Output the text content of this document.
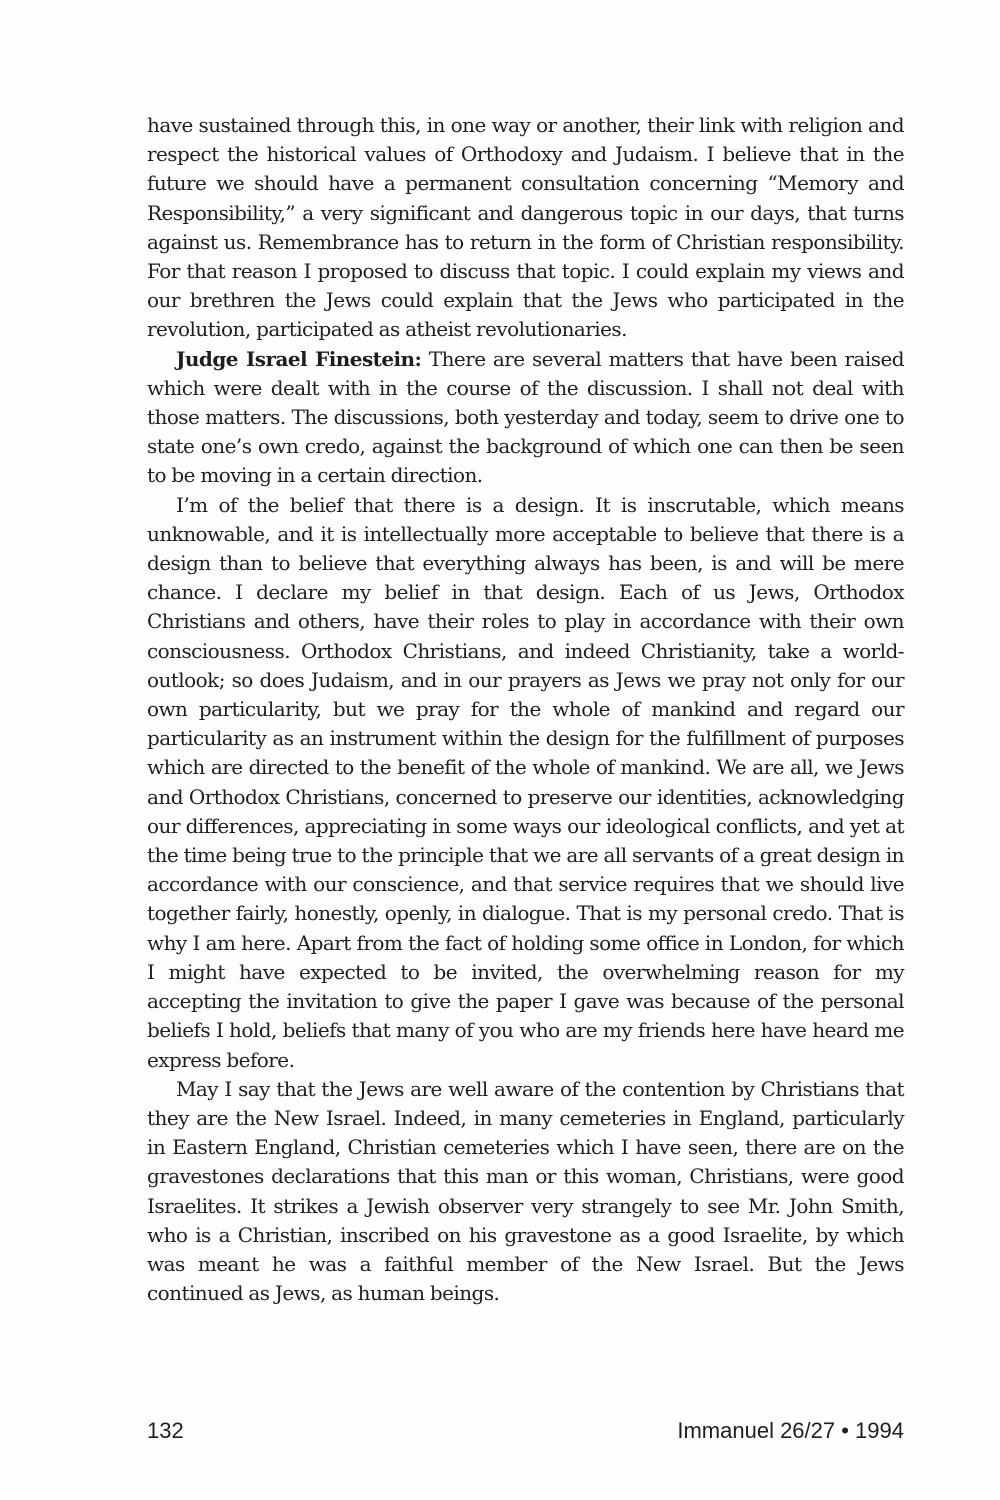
have sustained through this, in one way or another, their link with religion and respect the historical values of Orthodoxy and Judaism. I believe that in the future we should have a permanent consultation concerning “Memory and Responsibility,” a very significant and dangerous topic in our days, that turns against us. Remembrance has to return in the form of Christian responsibility. For that reason I proposed to discuss that topic. I could explain my views and our brethren the Jews could explain that the Jews who participated in the revolution, participated as atheist revolutionaries.

Judge Israel Finestein: There are several matters that have been raised which were dealt with in the course of the discussion. I shall not deal with those matters. The discussions, both yesterday and today, seem to drive one to state one’s own credo, against the background of which one can then be seen to be moving in a certain direction.

I’m of the belief that there is a design. It is inscrutable, which means unknowable, and it is intellectually more acceptable to believe that there is a design than to believe that everything always has been, is and will be mere chance. I declare my belief in that design. Each of us Jews, Orthodox Christians and others, have their roles to play in accordance with their own consciousness. Orthodox Christians, and indeed Christianity, take a world-outlook; so does Judaism, and in our prayers as Jews we pray not only for our own particularity, but we pray for the whole of mankind and regard our particularity as an instrument within the design for the fulfillment of purposes which are directed to the benefit of the whole of mankind. We are all, we Jews and Orthodox Christians, concerned to preserve our identities, acknowledging our differences, appreciating in some ways our ideological conflicts, and yet at the time being true to the principle that we are all servants of a great design in accordance with our conscience, and that service requires that we should live together fairly, honestly, openly, in dialogue. That is my personal credo. That is why I am here. Apart from the fact of holding some office in London, for which I might have expected to be invited, the overwhelming reason for my accepting the invitation to give the paper I gave was because of the personal beliefs I hold, beliefs that many of you who are my friends here have heard me express before.

May I say that the Jews are well aware of the contention by Christians that they are the New Israel. Indeed, in many cemeteries in England, particularly in Eastern England, Christian cemeteries which I have seen, there are on the gravestones declarations that this man or this woman, Christians, were good Israelites. It strikes a Jewish observer very strangely to see Mr. John Smith, who is a Christian, inscribed on his gravestone as a good Israelite, by which was meant he was a faithful member of the New Israel. But the Jews continued as Jews, as human beings.

132	Immanuel 26/27 • 1994
